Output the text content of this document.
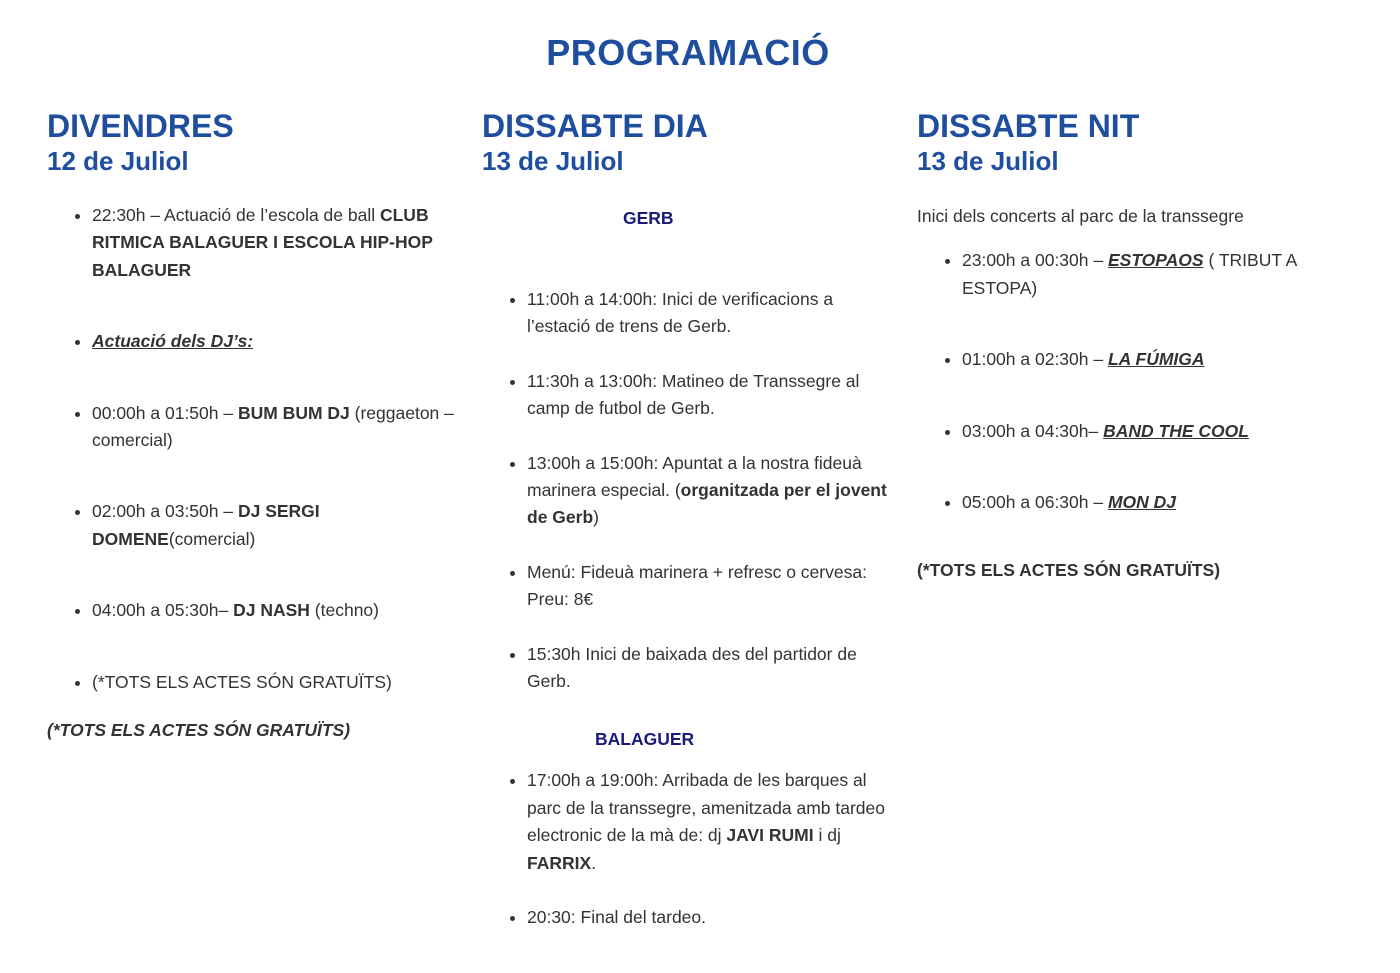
PROGRAMACIÓ
DIVENDRES
12 de Juliol
• 22:30h – Actuació de l’escola de ball CLUB RITMICA BALAGUER I ESCOLA HIP-HOP BALAGUER
• Actuació dels DJ’s:
• 00:00h a 01:50h – BUM BUM DJ (reggaeton – comercial)
• 02:00h a 03:50h – DJ SERGI DOMENE(comercial)
• 04:00h a 05:30h– DJ NASH (techno)
• (*TOTS ELS ACTES SÓN GRATUÏTS)

(*TOTS ELS ACTES SÓN GRATUÏTS)

DISSABTE DIA
13 de Juliol

GERB

• 11:00h a 14:00h: Inici de verificacions a l’estació de trens de Gerb.
• 11:30h a 13:00h: Matineo de Transsegre al camp de futbol de Gerb.
• 13:00h a 15:00h: Apuntat a la nostra fideuà marinera especial. (organitzada per el jovent de Gerb)
• Menú: Fideuà marinera + refresc o cervesa: Preu: 8€
• 15:30h Inici de baixada des del partidor de Gerb.

BALAGUER

• 17:00h a 19:00h: Arribada de les barques al parc de la transsegre, amenitzada amb tardeo electronic de la mà de: dj JAVI RUMI i dj FARRIX.
• 20:30: Final del tardeo.
DISSABTE NIT
13 de Juliol

Inici dels concerts al parc de la transsegre

• 23:00h a 00:30h – ESTOPAOS ( TRIBUT A ESTOPA)
• 01:00h a 02:30h – LA FÚMIGA
• 03:00h a 04:30h– BAND THE COOL
• 05:00h a 06:30h – MON DJ

(*TOTS ELS ACTES SÓN GRATUÏTS)
